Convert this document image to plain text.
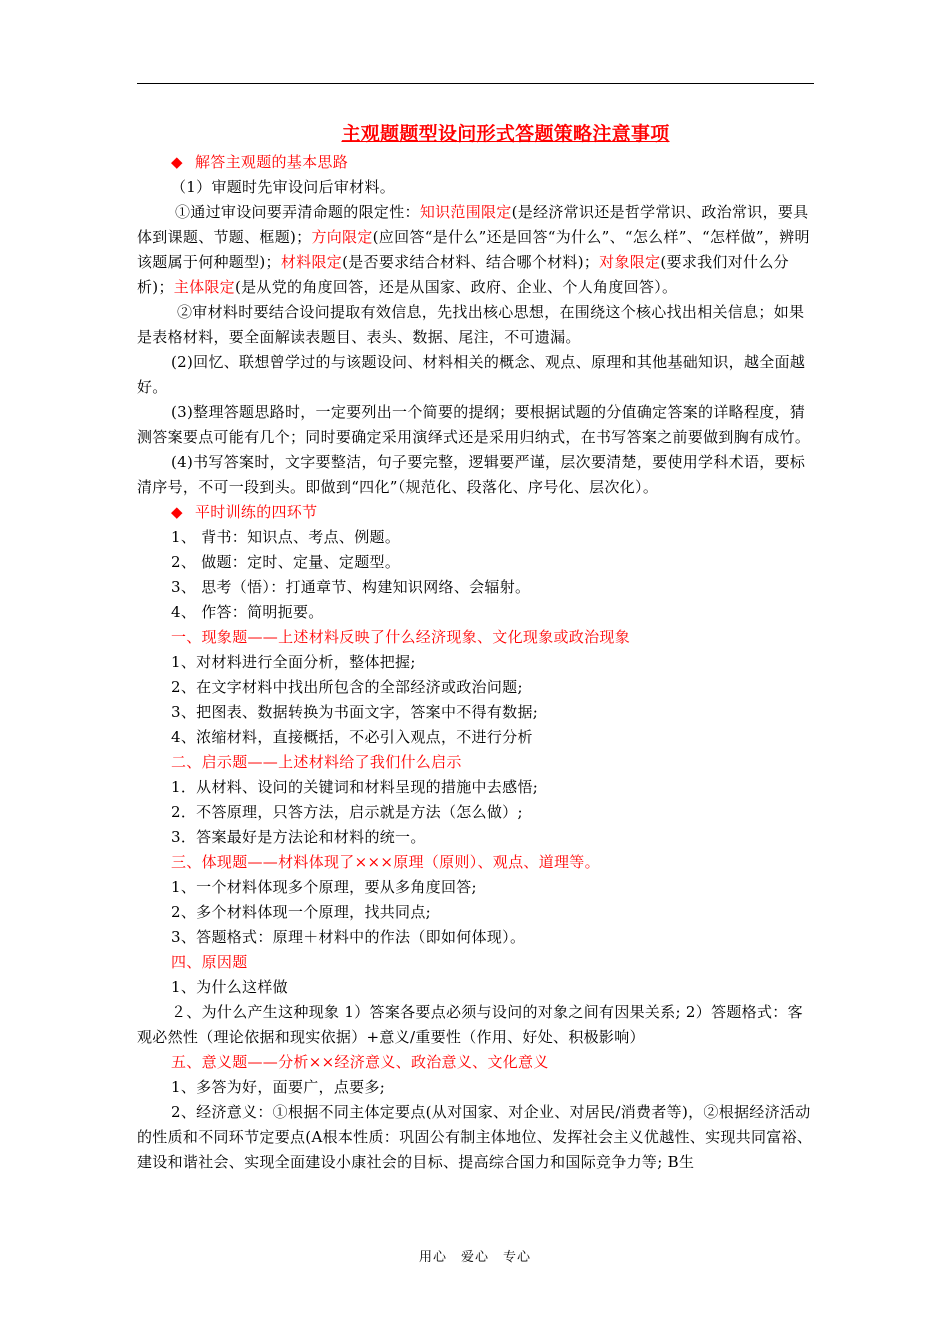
主观题题型设问形式答题策略注意事项

◆ 解答主观题的基本思路

（1）审题时先审设问后审材料。

①通过审设问要弄清命题的限定性：知识范围限定(是经济常识还是哲学常识、政治常识，要具体到课题、节题、框题)；方向限定(应回答“是什么”还是回答“为什么”、“怎么样”、“怎样做”，辨明该题属于何种题型)；材料限定(是否要求结合材料、结合哪个材料)；对象限定(要求我们对什么分析)；主体限定(是从党的角度回答，还是从国家、政府、企业、个人角度回答）。

②审材料时要结合设问提取有效信息，先找出核心思想，在围绕这个核心找出相关信息；如果是表格材料，要全面解读表题目、表头、数据、尾注，不可遗漏。

(2)回忆、联想曾学过的与该题设问、材料相关的概念、观点、原理和其他基础知识，越全面越好。

(3)整理答题思路时，一定要列出一个简要的提纲；要根据试题的分值确定答案的详略程度，猜测答案要点可能有几个；同时要确定采用演绎式还是采用归纳式，在书写答案之前要做到胸有成竹。

(4)书写答案时，文字要整洁，句子要完整，逻辑要严谨，层次要清楚，要使用学科术语，要标清序号，不可一段到头。即做到“四化”（规范化、段落化、序号化、层次化）。

◆ 平时训练的四环节

1、 背书：知识点、考点、例题。

2、 做题：定时、定量、定题型。

3、 思考（悟）：打通章节、构建知识网络、会辐射。

4、 作答：简明扼要。

一、现象题——上述材料反映了什么经济现象、文化现象或政治现象

1、对材料进行全面分析，整体把握;

2、在文字材料中找出所包含的全部经济或政治问题;

3、把图表、数据转换为书面文字，答案中不得有数据;

4、浓缩材料，直接概括，不必引入观点，不进行分析

二、启示题——上述材料给了我们什么启示

1．从材料、设问的关键词和材料呈现的措施中去感悟;

2．不答原理，只答方法，启示就是方法（怎么做）;

3．答案最好是方法论和材料的统一。

三、体现题——材料体现了×××原理（原则）、观点、道理等。

1、一个材料体现多个原理，要从多角度回答;

2、多个材料体现一个原理，找共同点;

3、答题格式：原理＋材料中的作法（即如何体现）。

四、原因题

1、为什么这样做

２、为什么产生这种现象 1）答案各要点必须与设问的对象之间有因果关系; 2）答题格式：客观必然性（理论依据和现实依据）+意义/重要性（作用、好处、积极影响）

五、意义题——分析××经济意义、政治意义、文化意义

1、多答为好，面要广，点要多;

2、经济意义：①根据不同主体定要点(从对国家、对企业、对居民/消费者等)，②根据经济活动的性质和不同环节定要点(A根本性质：巩固公有制主体地位、发挥社会主义优越性、实现共同富裕、建设和谐社会、实现全面建设小康社会的目标、提高综合国力和国际竞争力等; B生

用心　爱心　专心
